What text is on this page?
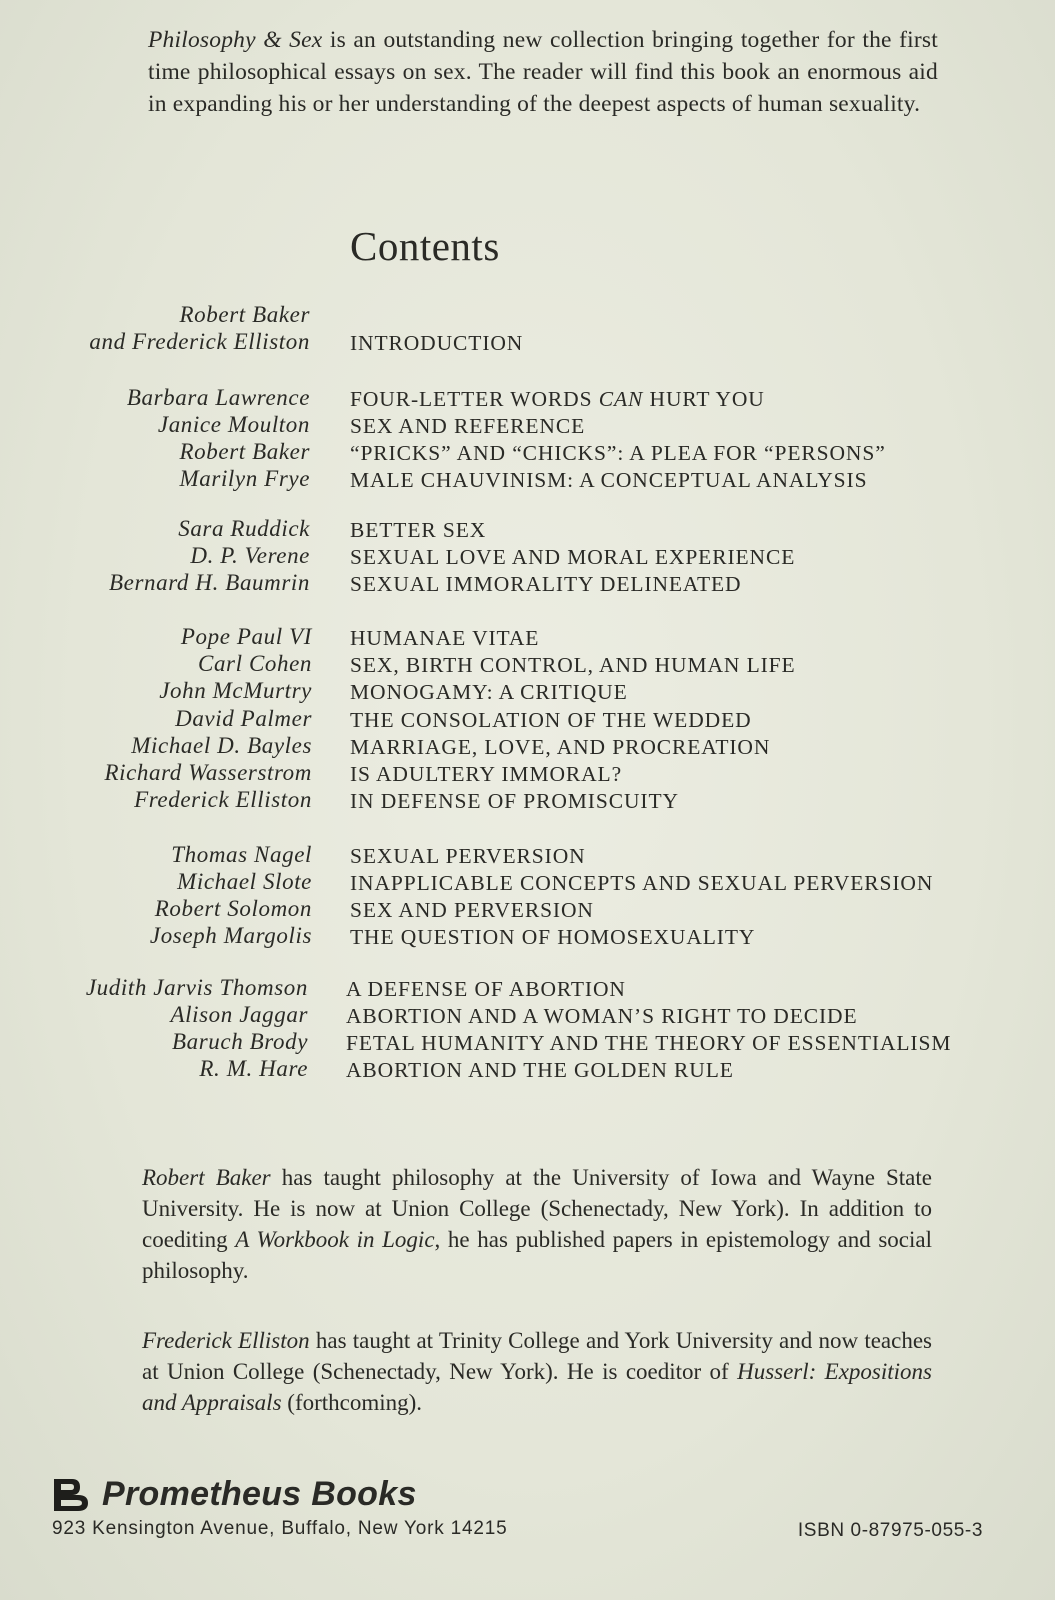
Philosophy & Sex is an outstanding new collection bringing together for the first time philosophical essays on sex. The reader will find this book an enormous aid in expanding his or her understanding of the deepest aspects of human sexuality.

Contents
Robert Baker
and Frederick Elliston INTRODUCTION
Barbara Lawrence FOUR-LETTER WORDS CAN HURT YOU
Janice Moulton SEX AND REFERENCE
Robert Baker “PRICKS” AND “CHICKS”: A PLEA FOR “PERSONS”
Marilyn Frye MALE CHAUVINISM: A CONCEPTUAL ANALYSIS
Sara Ruddick BETTER SEX
D. P. Verene SEXUAL LOVE AND MORAL EXPERIENCE
Bernard H. Baumrin SEXUAL IMMORALITY DELINEATED
Pope Paul VI HUMANAE VITAE
Carl Cohen SEX, BIRTH CONTROL, AND HUMAN LIFE
John McMurtry MONOGAMY: A CRITIQUE
David Palmer THE CONSOLATION OF THE WEDDED
Michael D. Bayles MARRIAGE, LOVE, AND PROCREATION
Richard Wasserstrom IS ADULTERY IMMORAL?
Frederick Elliston IN DEFENSE OF PROMISCUITY
Thomas Nagel SEXUAL PERVERSION
Michael Slote INAPPLICABLE CONCEPTS AND SEXUAL PERVERSION
Robert Solomon SEX AND PERVERSION
Joseph Margolis THE QUESTION OF HOMOSEXUALITY
Judith Jarvis Thomson A DEFENSE OF ABORTION
Alison Jaggar ABORTION AND A WOMAN’S RIGHT TO DECIDE
Baruch Brody FETAL HUMANITY AND THE THEORY OF ESSENTIALISM
R. M. Hare ABORTION AND THE GOLDEN RULE

Robert Baker has taught philosophy at the University of Iowa and Wayne State University. He is now at Union College (Schenectady, New York). In addition to coediting A Workbook in Logic, he has published papers in epistemology and social philosophy.

Frederick Elliston has taught at Trinity College and York University and now teaches at Union College (Schenectady, New York). He is coeditor of Husserl: Expositions and Appraisals (forthcoming).

Prometheus Books
923 Kensington Avenue, Buffalo, New York 14215	ISBN 0-87975-055-3
